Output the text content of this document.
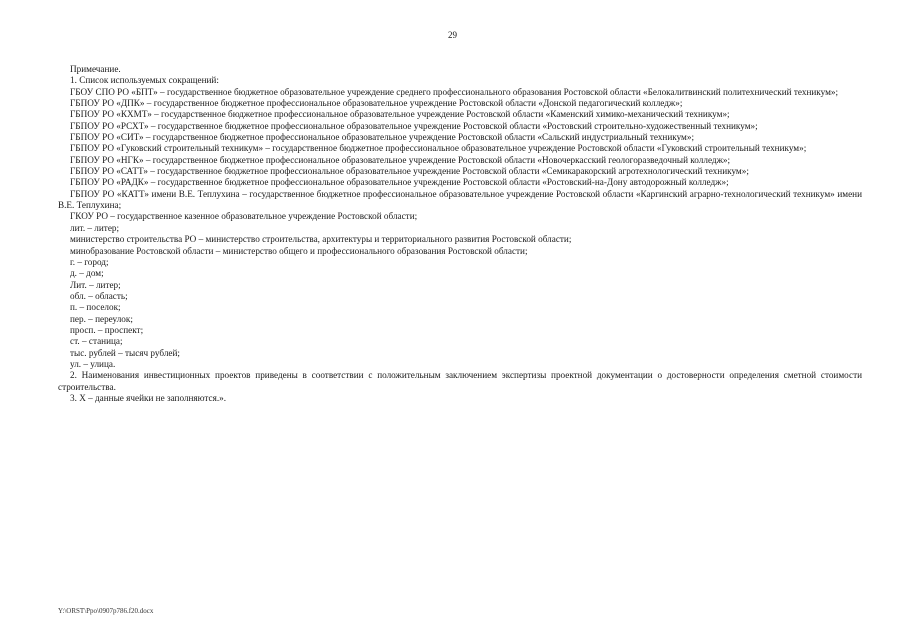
29

Примечание.

1. Список используемых сокращений:

ГБОУ СПО РО «БПТ» – государственное бюджетное образовательное учреждение среднего профессионального образования Ростовской области «Белокалитвинский политехнический техникум»;

ГБПОУ РО «ДПК» – государственное бюджетное профессиональное образовательное учреждение Ростовской области «Донской педагогический колледж»;

ГБПОУ РО «КХМТ» – государственное бюджетное профессиональное образовательное учреждение Ростовской области «Каменский химико-механический техникум»;

ГБПОУ РО «РСХТ» – государственное бюджетное профессиональное образовательное учреждение Ростовской области «Ростовский строительно-художественный техникум»;

ГБПОУ РО «СИТ» – государственное бюджетное профессиональное образовательное учреждение Ростовской области «Сальский индустриальный техникум»;

ГБПОУ РО «Гуковский строительный техникум» – государственное бюджетное профессиональное образовательное учреждение Ростовской области «Гуковский строительный техникум»;

ГБПОУ РО «НГК» – государственное бюджетное профессиональное образовательное учреждение Ростовской области «Новочеркасский геологоразведочный колледж»;

ГБПОУ РО «САТТ» – государственное бюджетное профессиональное образовательное учреждение Ростовской области «Семикаракорский агротехнологический техникум»;

ГБПОУ РО «РАДК» – государственное бюджетное профессиональное образовательное учреждение Ростовской области «Ростовский-на-Дону автодорожный колледж»;

ГБПОУ РО «КАТТ» имени В.Е. Теплухина – государственное бюджетное профессиональное образовательное учреждение Ростовской области «Каргинский аграрно-технологический техникум» имени В.Е. Теплухина;

ГКОУ РО – государственное казенное образовательное учреждение Ростовской области;

лит. – литер;

министерство строительства РО – министерство строительства, архитектуры и территориального развития Ростовской области;

минобразование Ростовской области – министерство общего и профессионального образования Ростовской области;

г. – город;

д. – дом;

Лит. – литер;

обл. – область;

п. – поселок;

пер. – переулок;

просп. – проспект;

ст. – станица;

тыс. рублей – тысяч рублей;

ул. – улица.

2. Наименования инвестиционных проектов приведены в соответствии с положительным заключением экспертизы проектной документации о достоверности определения сметной стоимости строительства.

3. Х – данные ячейки не заполняются.».

Y:\ORST\Ppo\0907p786.f20.docx
